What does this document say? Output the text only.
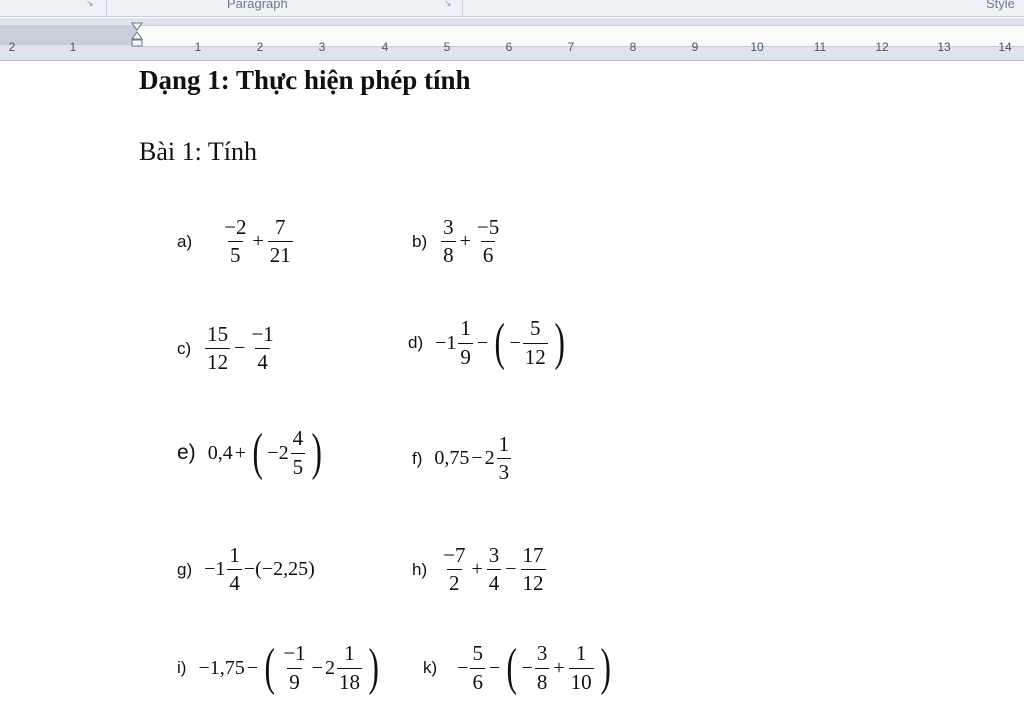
↘	Paragraph	↘	Style
2	1	1	2	3	4	5	6	7	8	9	10	11	12	13	14
Dạng 1: Thực hiện phép tính
Bài 1: Tính
$a) \frac{-2}{5} + \frac{7}{21}$	$b) \frac{3}{8} + \frac{-5}{6}$
$c) \frac{15}{12} - \frac{-1}{4}$	$d) -1 \frac{1}{9}$ − ( − $\frac{5}{12}$ )
e) 0,4 + ( $-2 \frac{4}{5}$ )	f) $0,75 - 2 \frac{1}{3}$
$g) -1 \frac{1}{4} -(-2,25)$	$h) \frac{-7}{2} + \frac{3}{4} - \frac{17}{12}$
i) −1,75 − ( $\frac{-1}{9} - 2 \frac{1}{18}$ )	$k) - \frac{5}{6}$ − ( − $\frac{3}{8} + \frac{1}{10}$ )
